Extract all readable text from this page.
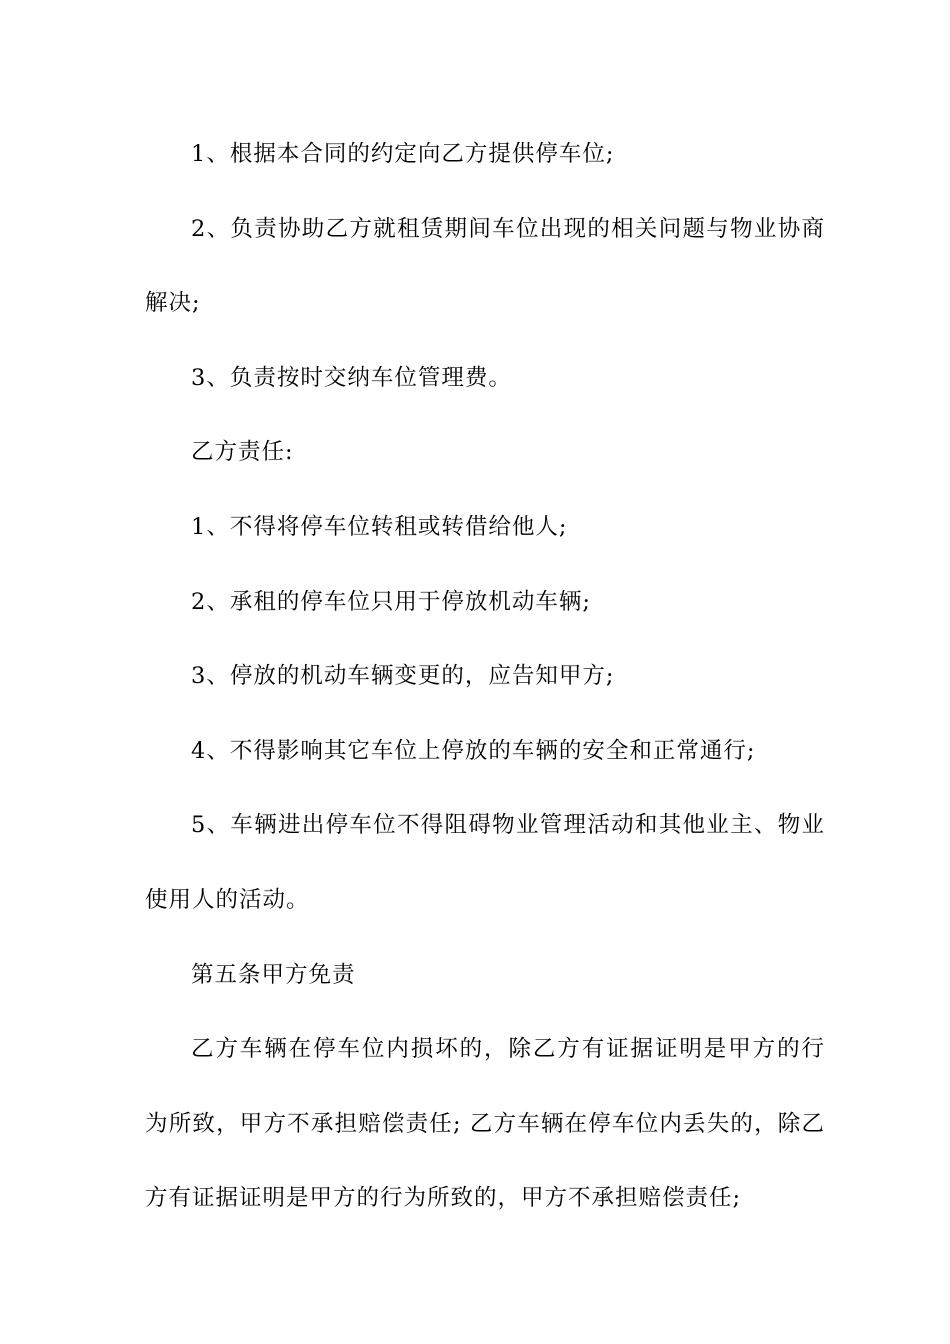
1、根据本合同的约定向乙方提供停车位;

2、负责协助乙方就租赁期间车位出现的相关问题与物业协商解决;

3、负责按时交纳车位管理费。

乙方责任:

1、不得将停车位转租或转借给他人;

2、承租的停车位只用于停放机动车辆;

3、停放的机动车辆变更的，应告知甲方;

4、不得影响其它车位上停放的车辆的安全和正常通行;

5、车辆进出停车位不得阻碍物业管理活动和其他业主、物业使用人的活动。

第五条甲方免责

乙方车辆在停车位内损坏的，除乙方有证据证明是甲方的行为所致，甲方不承担赔偿责任; 乙方车辆在停车位内丢失的，除乙方有证据证明是甲方的行为所致的，甲方不承担赔偿责任;
